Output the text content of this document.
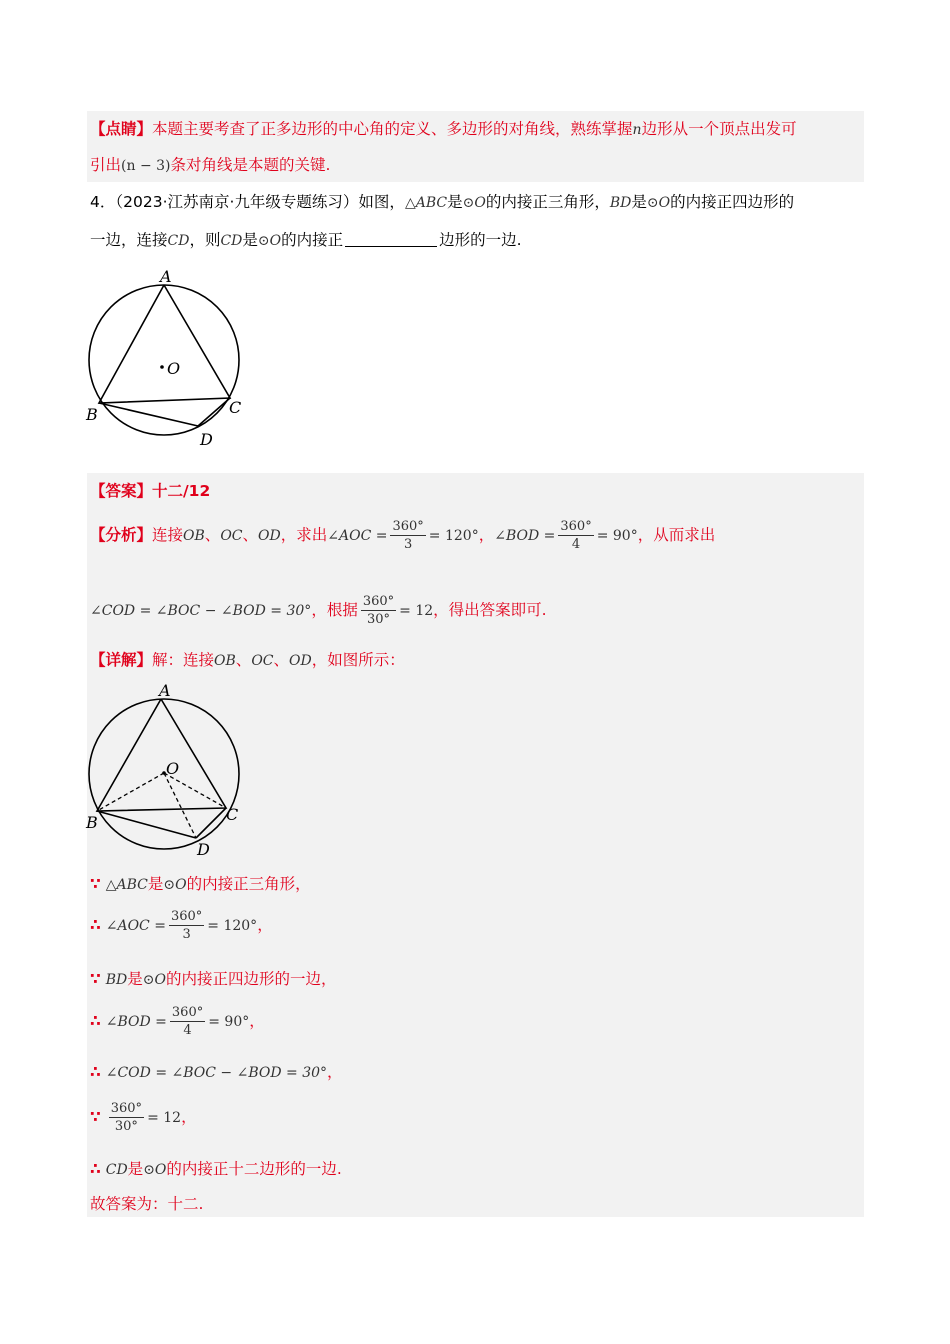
【点睛】本题主要考查了正多边形的中心角的定义、多边形的对角线，熟练掌握n边形从一个顶点出发可
引出(n − 3)条对角线是本题的关键.
4．（2023·江苏南京·九年级专题练习）如图，△ABC是⊙O的内接正三角形，BD是⊙O的内接正四边形的
一边，连接CD，则CD是⊙O的内接正	边形的一边.
A
O
B	C
D
【答案】十二/12
【分析】连接OB、OC、OD，求出∠AOC = $\frac{360^\circ}{3} = 120^\circ$，∠BOD = $\frac{360^\circ}{4} = 90^\circ$，从而求出
∠COD = ∠BOC − ∠BOD = 30°，根据 $\frac{360^\circ}{30^\circ} = 12$，得出答案即可.
【详解】解：连接OB、OC、OD，如图所示：
A
O
B	C
D
∵ △ABC是⊙O的内接正三角形，
∴ ∠AOC = $\frac{360^\circ}{3} = 120^\circ$，
∵ BD是⊙O的内接正四边形的一边，
∴ ∠BOD = $\frac{360^\circ}{4} = 90^\circ$，
∴ ∠COD = ∠BOC − ∠BOD = 30°，
∵ $\frac{360^\circ}{30^\circ} = 12$，
∴ CD是⊙O的内接正十二边形的一边.
故答案为：十二.
